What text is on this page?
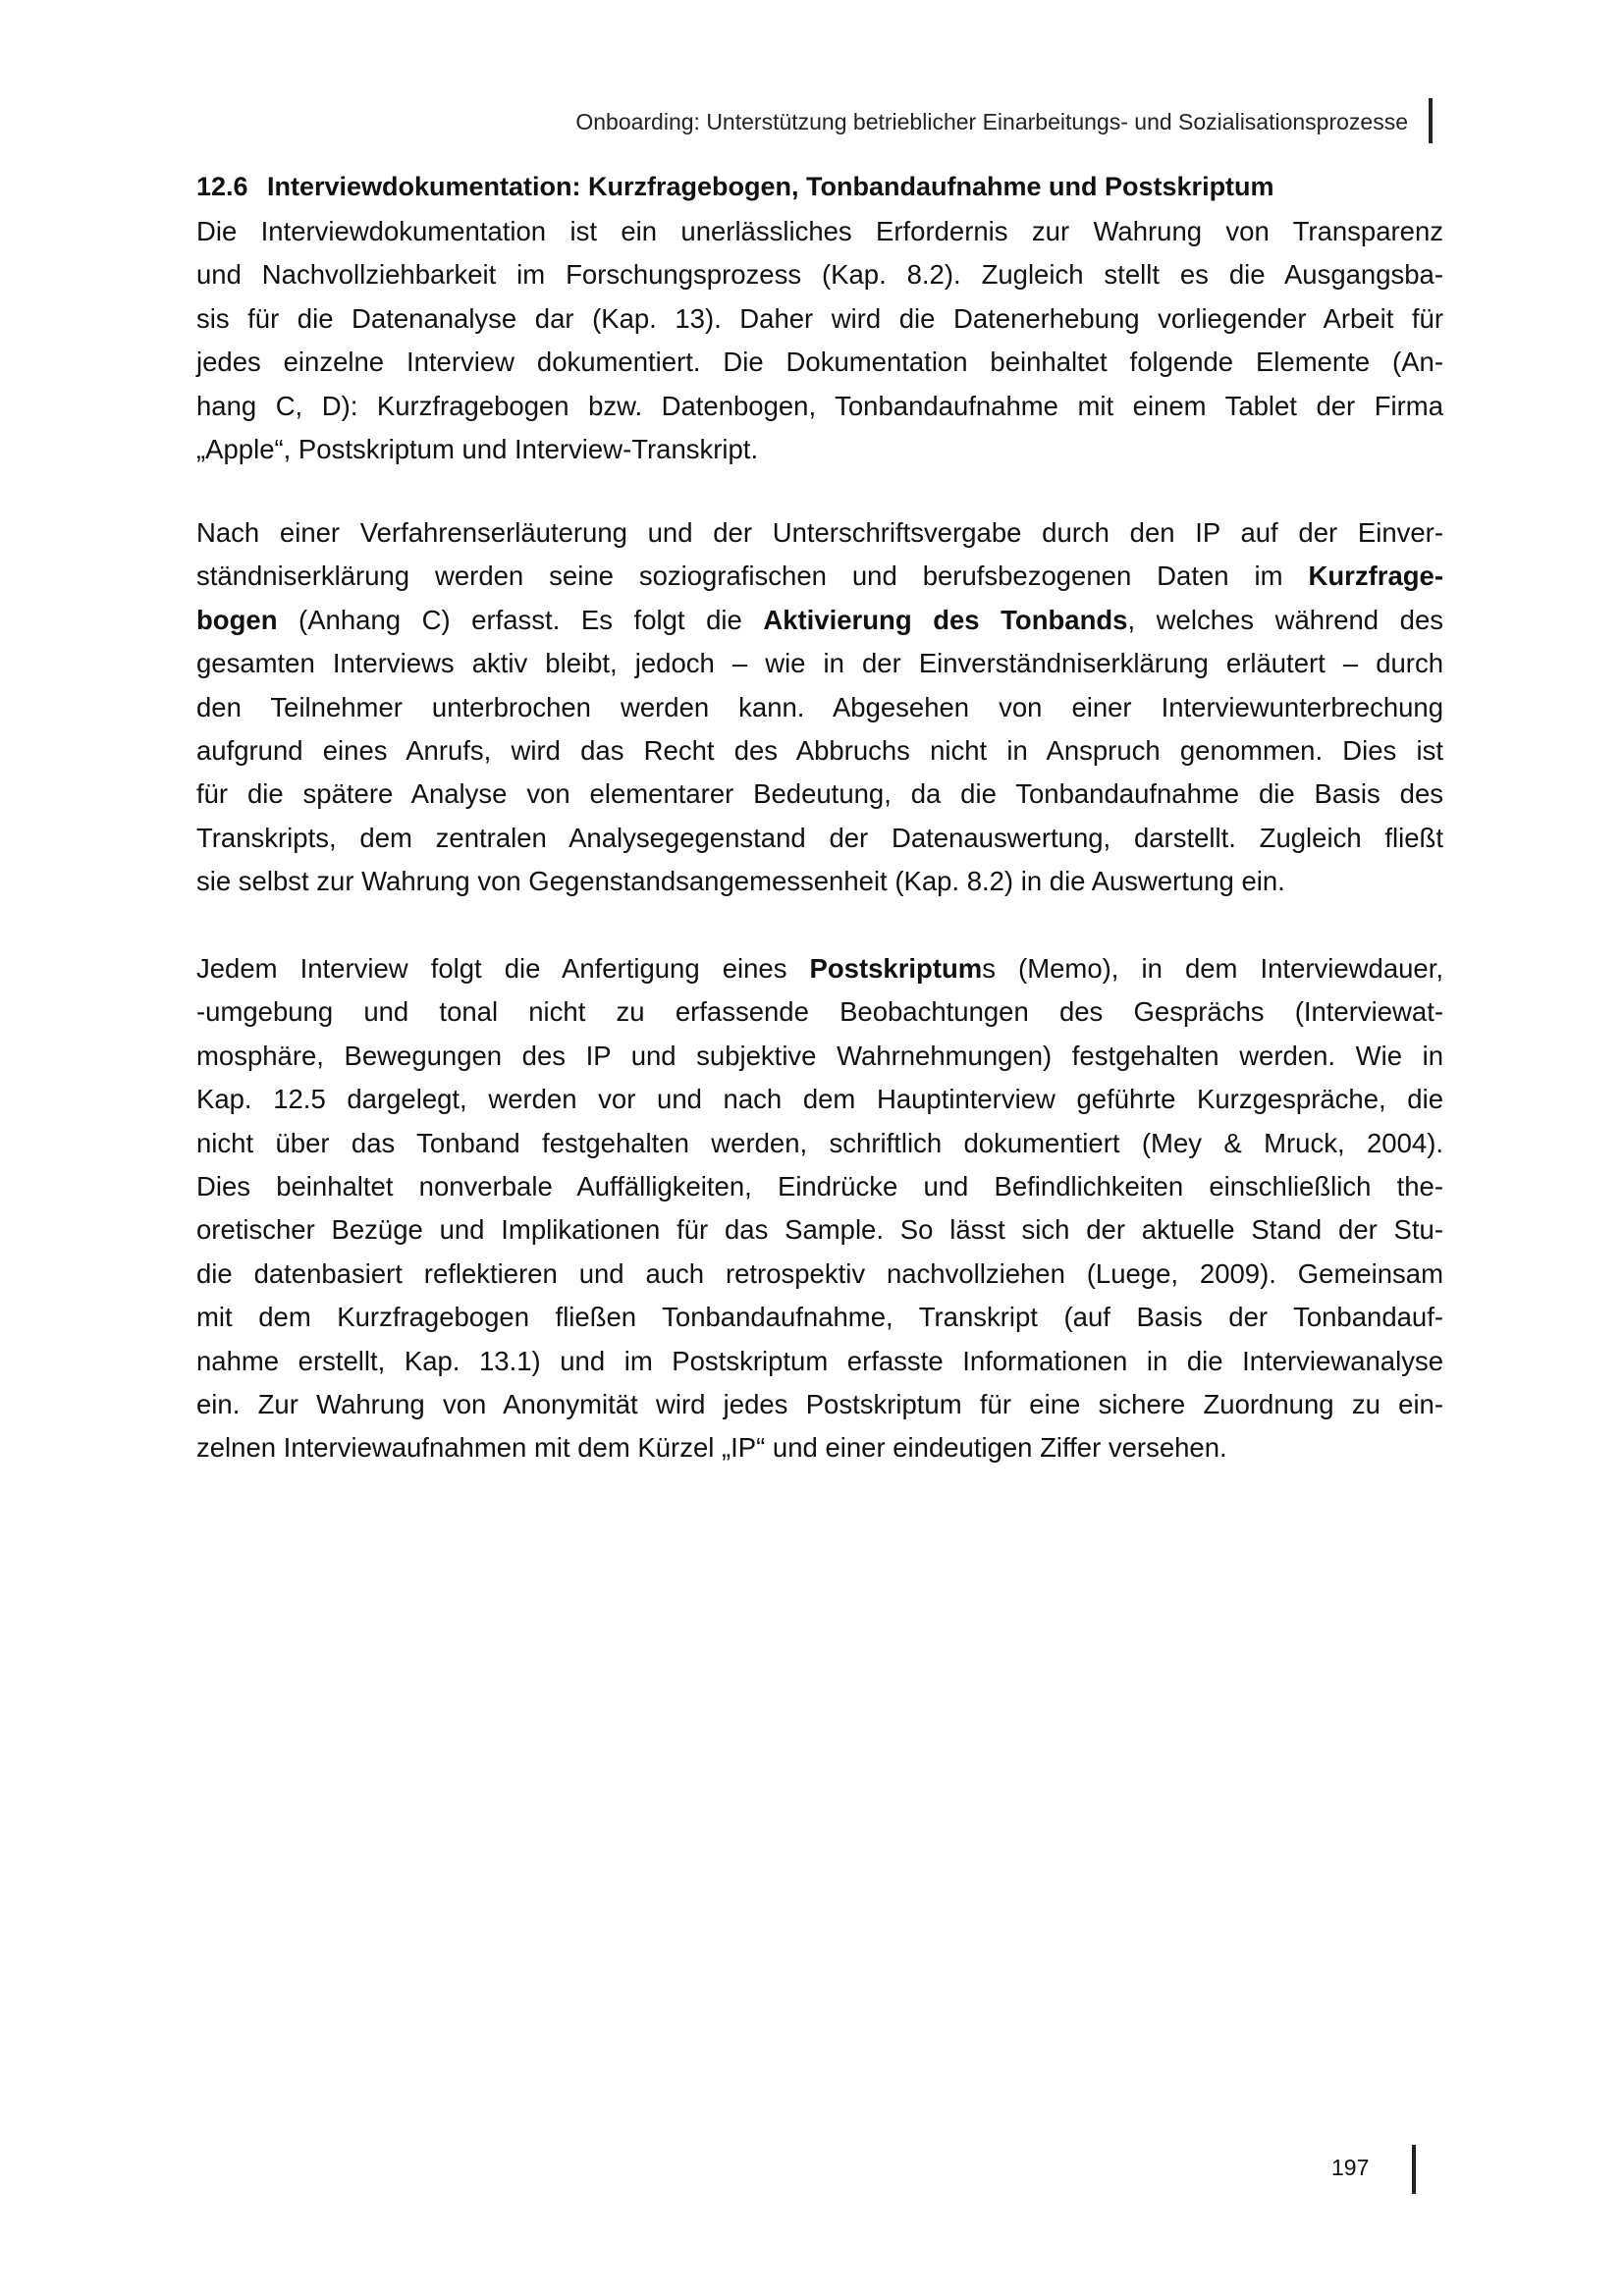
Onboarding: Unterstützung betrieblicher Einarbeitungs- und Sozialisationsprozesse
12.6 Interviewdokumentation: Kurzfragebogen, Tonbandaufnahme und Postskriptum
Die Interviewdokumentation ist ein unerlässliches Erfordernis zur Wahrung von Transparenz
und Nachvollziehbarkeit im Forschungsprozess (Kap. 8.2). Zugleich stellt es die Ausgangsba-
sis für die Datenanalyse dar (Kap. 13). Daher wird die Datenerhebung vorliegender Arbeit für
jedes einzelne Interview dokumentiert. Die Dokumentation beinhaltet folgende Elemente (An-
hang C, D): Kurzfragebogen bzw. Datenbogen, Tonbandaufnahme mit einem Tablet der Firma
„Apple“, Postskriptum und Interview-Transkript.
Nach einer Verfahrenserläuterung und der Unterschriftsvergabe durch den IP auf der Einver-
ständniserklärung werden seine soziografischen und berufsbezogenen Daten im Kurzfrage-
bogen (Anhang C) erfasst. Es folgt die Aktivierung des Tonbands, welches während des
gesamten Interviews aktiv bleibt, jedoch – wie in der Einverständniserklärung erläutert – durch
den Teilnehmer unterbrochen werden kann. Abgesehen von einer Interviewunterbrechung
aufgrund eines Anrufs, wird das Recht des Abbruchs nicht in Anspruch genommen. Dies ist
für die spätere Analyse von elementarer Bedeutung, da die Tonbandaufnahme die Basis des
Transkripts, dem zentralen Analysegegenstand der Datenauswertung, darstellt. Zugleich fließt
sie selbst zur Wahrung von Gegenstandsangemessenheit (Kap. 8.2) in die Auswertung ein.
Jedem Interview folgt die Anfertigung eines Postskriptums (Memo), in dem Interviewdauer,
-umgebung und tonal nicht zu erfassende Beobachtungen des Gesprächs (Interviewat-
mosphäre, Bewegungen des IP und subjektive Wahrnehmungen) festgehalten werden. Wie in
Kap. 12.5 dargelegt, werden vor und nach dem Hauptinterview geführte Kurzgespräche, die
nicht über das Tonband festgehalten werden, schriftlich dokumentiert (Mey & Mruck, 2004).
Dies beinhaltet nonverbale Auffälligkeiten, Eindrücke und Befindlichkeiten einschließlich the-
oretischer Bezüge und Implikationen für das Sample. So lässt sich der aktuelle Stand der Stu-
die datenbasiert reflektieren und auch retrospektiv nachvollziehen (Luege, 2009). Gemeinsam
mit dem Kurzfragebogen fließen Tonbandaufnahme, Transkript (auf Basis der Tonbandauf-
nahme erstellt, Kap. 13.1) und im Postskriptum erfasste Informationen in die Interviewanalyse
ein. Zur Wahrung von Anonymität wird jedes Postskriptum für eine sichere Zuordnung zu ein-
zelnen Interviewaufnahmen mit dem Kürzel „IP“ und einer eindeutigen Ziffer versehen.
197
